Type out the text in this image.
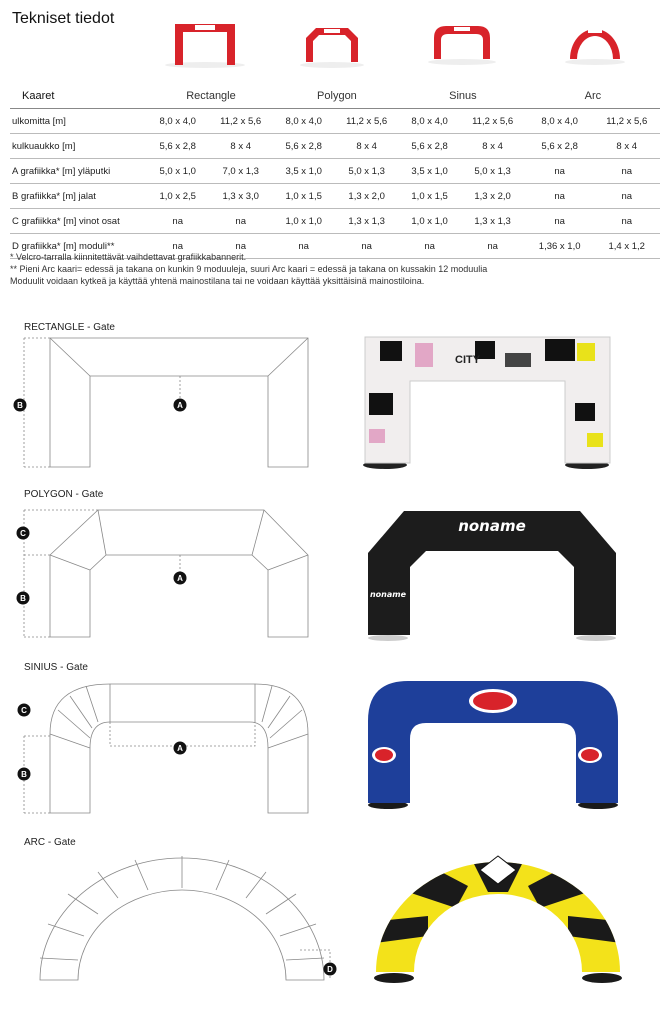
Tekniset tiedot
Kaaret	Rectangle		Polygon		Sinus		Arc	
ulkomitta [m]	8,0 x 4,0	11,2 x 5,6	8,0 x 4,0	11,2 x 5,6	8,0 x 4,0	11,2 x 5,6	8,0 x 4,0	11,2 x 5,6
kulkuaukko [m]	5,6 x 2,8	8 x 4	5,6 x 2,8	8 x 4	5,6 x 2,8	8 x 4	5,6 x 2,8	8 x 4
A grafiikka* [m] yläputki	5,0 x 1,0	7,0 x 1,3	3,5 x 1,0	5,0 x 1,3	3,5 x 1,0	5,0 x 1,3	na	na
B grafiikka* [m] jalat	1,0 x 2,5	1,3 x 3,0	1,0 x 1,5	1,3 x 2,0	1,0 x 1,5	1,3 x 2,0	na	na
C grafiikka* [m] vinot osat	na	na	1,0 x 1,0	1,3 x 1,3	1,0 x 1,0	1,3 x 1,3	na	na
D grafiikka* [m] moduli**	na	na	na	na	na	na	1,36 x 1,0	1,4 x 1,2
* Velcro-tarralla kiinnitettävät vaihdettavat grafiikkabannerit.
** Pieni Arc kaari= edessä ja takana on kunkin 9 moduuleja, suuri Arc kaari = edessä ja takana on kussakin 12 moduulia
Moduulit voidaan kytkeä ja käyttää yhtenä mainostilana tai ne voidaan käyttää yksittäisinä mainostiloina.
RECTANGLE - Gate
POLYGON - Gate
SINIUS - Gate
ARC - Gate
A
B
A
B
C
A
B
C
D
CITY
noname
noname
